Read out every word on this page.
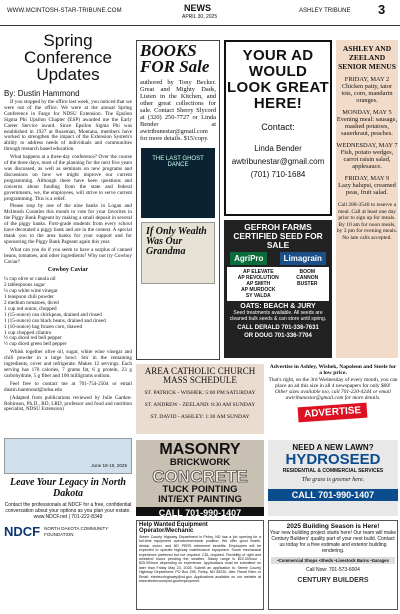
WWW.MCINTOSH-STAR-TRIBUNE.COM	NEWS
APRIL 30, 2025
ASHLEY TRIBUNE 3
Spring Conference Updates
By: Dustin Hammond

If you stopped by the office last week, you noticed that we were out of the office. We were at the annual Spring Conference in Fargo for NDSU Extension. The Epsilon Sigma Phi Upsilon Chapter (ESP) awarded me the Early Career Service award. Since Epsilon Sigma Phi was established in 1927 at Bozeman, Montana, members have worked to strengthen the impact of the Extension System's ability to address needs of individuals and communities through research based education.

What happens at a three-day conference? Over the course of the three days, most of the planning for the next five years was discussed, as well as seminars on new programs and discussions on how we might improve our current programming. Although there have been questions and concerns about funding from the state and federal governments, we, the employees, will strive to serve current programming. This is a relief.

Please stop by one of the nine banks in Logan and McIntosh Counties this month to vote for your favorites in the Piggy Bank Pageant by making a small deposit in several of the piggy banks. First-grade students from every school have decorated a piggy bank and are in the contest. A special thank you to the area banks for your support and for sponsoring the Piggy Bank Pageant again this year.

What can you do if you seem to have a surplus of canned beans, tomatoes, and other ingredients? Why not try Cowboy Caviar?

Cowboy Caviar

¼ cup olive or canola oil
2 tablespoons sugar
¼ cup white wine vinegar
1 teaspoon chili powder
2 medium tomatoes, diced
1 cup red onion, chopped
1 (15-ounce) can chickpeas, drained and rinsed
1 (15-ounce) can black beans, drained and rinsed
1 (10-ounce) bag frozen corn, thawed
1 cup chopped cilantro
½ cup diced red bell pepper
½ cup diced green bell pepper

Whisk together olive oil, sugar, white wine vinegar and chili powder in a large bowl. Stir in the remaining ingredients, cover and refrigerate. Makes 12 servings. Each serving has 170 calories, 7 grams fat, 6 g protein, 23 g carbohydrate, 5 g fiber and 100 milligrams sodium.

Feel free to contact me at 701-754-2504 or email dustin.hammond@ndsu.edu

(Adapted from publications reviewed by Julie Garden-Robinson, Ph.D., RD, LRD, professor and food and nutrition specialist, NDSU Extension)

BOOKS FOR Sale
authored by Tony Becker. Great and Mighty Dads, Listen in the Kitchen, and other great collections for sale. Contact Sherry Slycord at (320) 250-7727 or Linda Bender at awtribunestar@gmail.com for more details. $15/copy.
THE LAST GHOST DANCE
If Only Wealth Was Our Grandma
YOUR AD WOULD LOOK GREAT HERE!
Contact:
Linda Bender
awtribunestar@gmail.com
(701) 710-1684
ASHLEY AND ZEELAND SENIOR MENUS
FRIDAY, MAY 2
Chicken patty, tator tots, corn, mandarin oranges.
MONDAY, MAY 5
Evening meal: sausage, mashed potatoes, sauerkraut, peaches.
WEDNESDAY, MAY 7
Fish, potato wedges, carrot raisin salad, applesauce.
FRIDAY, MAY 9
Lazy halupsi, creamed peas, fruit salad.
Call 288-3540 to reserve a meal. Call at least one day prior to sign up for meals. By 10 am for noon meals, by 3 pm for evening meals. No late calls accepted.
GEFROH FARMS CERTIFIED SEED FOR SALE
AgriPro	Limagrain
AP ELEVATE
AP REVOLUTION
AP SMITH
AP MURDOCK
SY VALDA
BOOM
CANNON
BUSTER
OATS: BEACH & JURY
Seed treatments available. All seeds are cleaned bulk seeds & can store until spring.
CALL DERALD 701-336-7631
OR DOUG 701-336-7704
AREA CATHOLIC CHURCH MASS SCHEDULE
ST. PATRICK - WISHEK: 5:00 PM SATURDAY
ST. ANDREW - ZEELAND: 8:30 AM SUNDAY
ST. DAVID - ASHLEY: 1:30 AM SUNDAY
Advertise in Ashley, Wishek, Napoleon and Steele for a low price.
That's right, on the 3rd Wednesday of every month, you can place an ad this size in all 4 newspapers for only $60!
Other sizes available too, call 701-220-4244 or email awtribunestar@gmail.com for more details.
ADVERTISE
June 18-19, 2025
Leave Your Legacy in North Dakota
Contact the professionals at NDCF for a free, confidential conversation about your options as you plan your estate. www.NDCF.net | 701-222-8349
NDCF NORTH DAKOTA COMMUNITY FOUNDATION
MASONRY
BRICKWORK
CONCRETE
TUCK POINTING
INT/EXT PAINTING
CALL 701-990-1407
NEED A NEW LAWN?
HYDROSEED
RESIDENTIAL & COMMERCIAL SERVICES
The grass is greener here.
CALL 701-990-1407
Help Wanted Equipment Operator/Mechanic
Steele County Highway Department in Finley, ND has a job opening for a full-time equipment operator/mechanic position. We offer good health, dental, vision, and ND PERS retirement benefits. Employees will be expected to operate highway maintenance equipment. Some mechanical experience preferred but not required. CDL required. Flexibility of right and weekend hours pending the weather. Salary range is $22.00/hour - $25.00/hour depending on experience. Applications must be submitted no later than Friday May 23, 2025. Submit an application to: Steele County Highway Department, PO Box 295, Finley, ND 58230. Attn: Randi Elem or Email: steelecohighway@nd.gov. Applications available on our website at www.steelecountynd.gov/employment.
2025 Building Season is Here!
Your new building project starts here! Our team will make Century Builders' quality part of your next build. Contact us today for a free estimate and exterior building rendering.
•Commercial Shops •Sheds •Livestock Barns •Garages
Call Now: 701-573-6004
CENTURY BUILDERS
